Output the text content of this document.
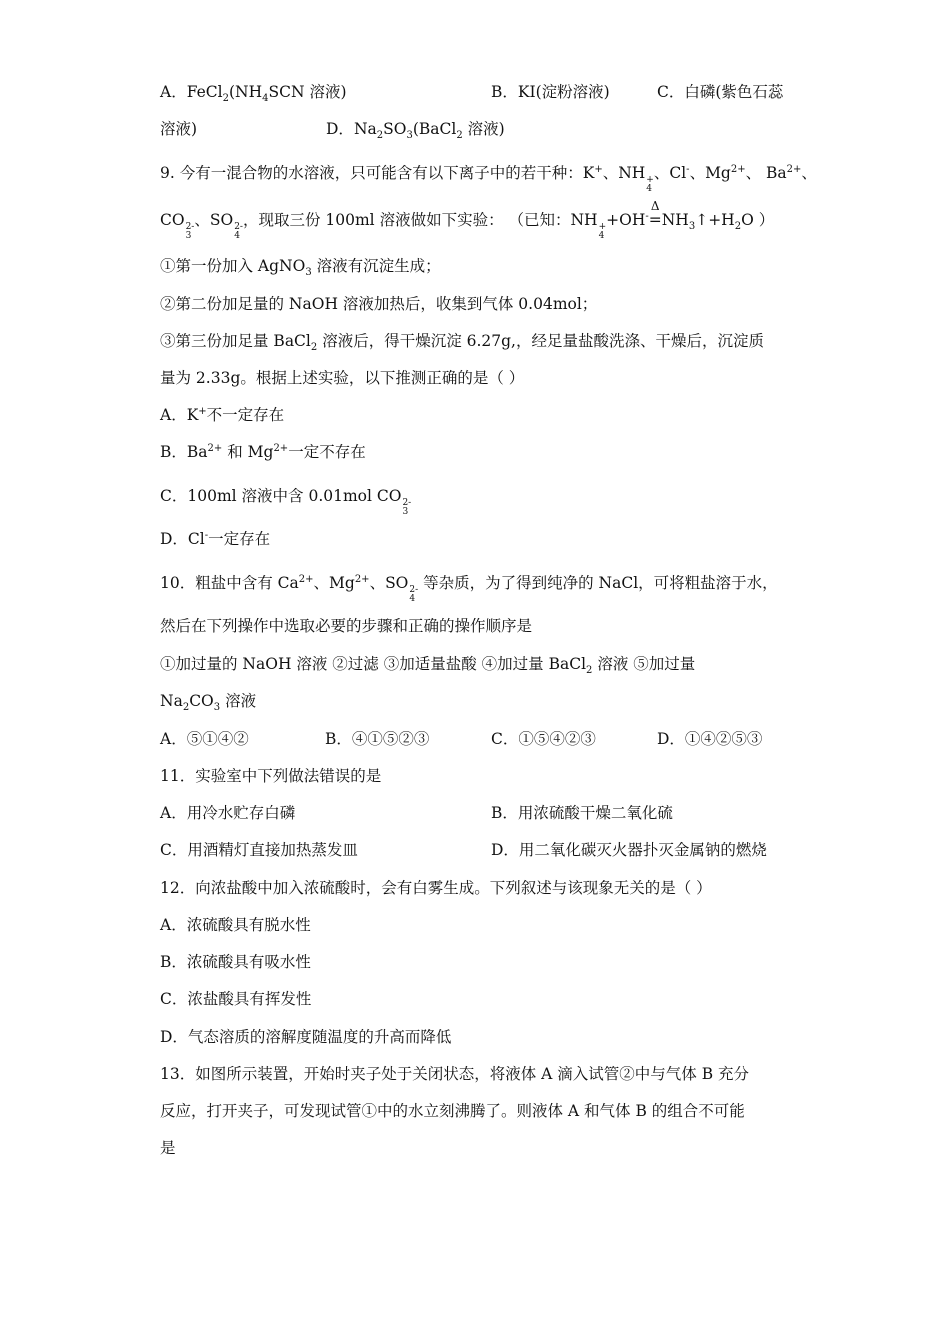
A．$FeCl_2(NH_4SCN$ 溶液)	B．KI(淀粉溶液)	C．白磷(紫色石蕊
溶液)	D．$Na_2SO_3(BaCl_2$ 溶液)
9. 今有一混合物的水溶液，只可能含有以下离子中的若干种：K+、NH +
4
、Cl-、$Mg^{2+}$、 $Ba^{2+}$、
CO 2-
3
、SO 2-
4
，现取三份 100ml 溶液做如下实验： （已知：NH +
4
+OH-
Δ
$=NH_3↑+H_2O$ ）
①第一份加入 AgNO$_3$ 溶液有沉淀生成；
②第二份加足量的 NaOH 溶液加热后，收集到气体 0.04mol；
③第三份加足量 BaCl$_2$ 溶液后，得干燥沉淀 6.27g,，经足量盐酸洗涤、干燥后，沉淀质
量为 2.33g。根据上述实验，以下推测正确的是（ ）
A．K+不一定存在
B．$Ba^{2+}$ 和 $Mg^{2+}$一定不存在
C．100ml 溶液中含 0.01mol CO 2-
3
D．Cl-一定存在
10．粗盐中含有 $Ca^{2+}$、$Mg^{2+}$、SO 2-
4
等杂质，为了得到纯净的 NaCl，可将粗盐溶于水，
然后在下列操作中选取必要的步骤和正确的操作顺序是
①加过量的 NaOH 溶液 ②过滤 ③加适量盐酸 ④加过量 BaCl$_2$ 溶液 ⑤加过量
$Na_2CO_3$ 溶液
A．⑤①④②	B．④①⑤②③	C．①⑤④②③	D．①④②⑤③
11．实验室中下列做法错误的是
A．用冷水贮存白磷	B．用浓硫酸干燥二氧化硫
C．用酒精灯直接加热蒸发皿	D．用二氧化碳灭火器扑灭金属钠的燃烧
12．向浓盐酸中加入浓硫酸时，会有白雾生成。下列叙述与该现象无关的是（ ）
A．浓硫酸具有脱水性
B．浓硫酸具有吸水性
C．浓盐酸具有挥发性
D．气态溶质的溶解度随温度的升高而降低
13．如图所示装置，开始时夹子处于关闭状态，将液体 A 滴入试管②中与气体 B 充分
反应，打开夹子，可发现试管①中的水立刻沸腾了。则液体 A 和气体 B 的组合不可能
是
